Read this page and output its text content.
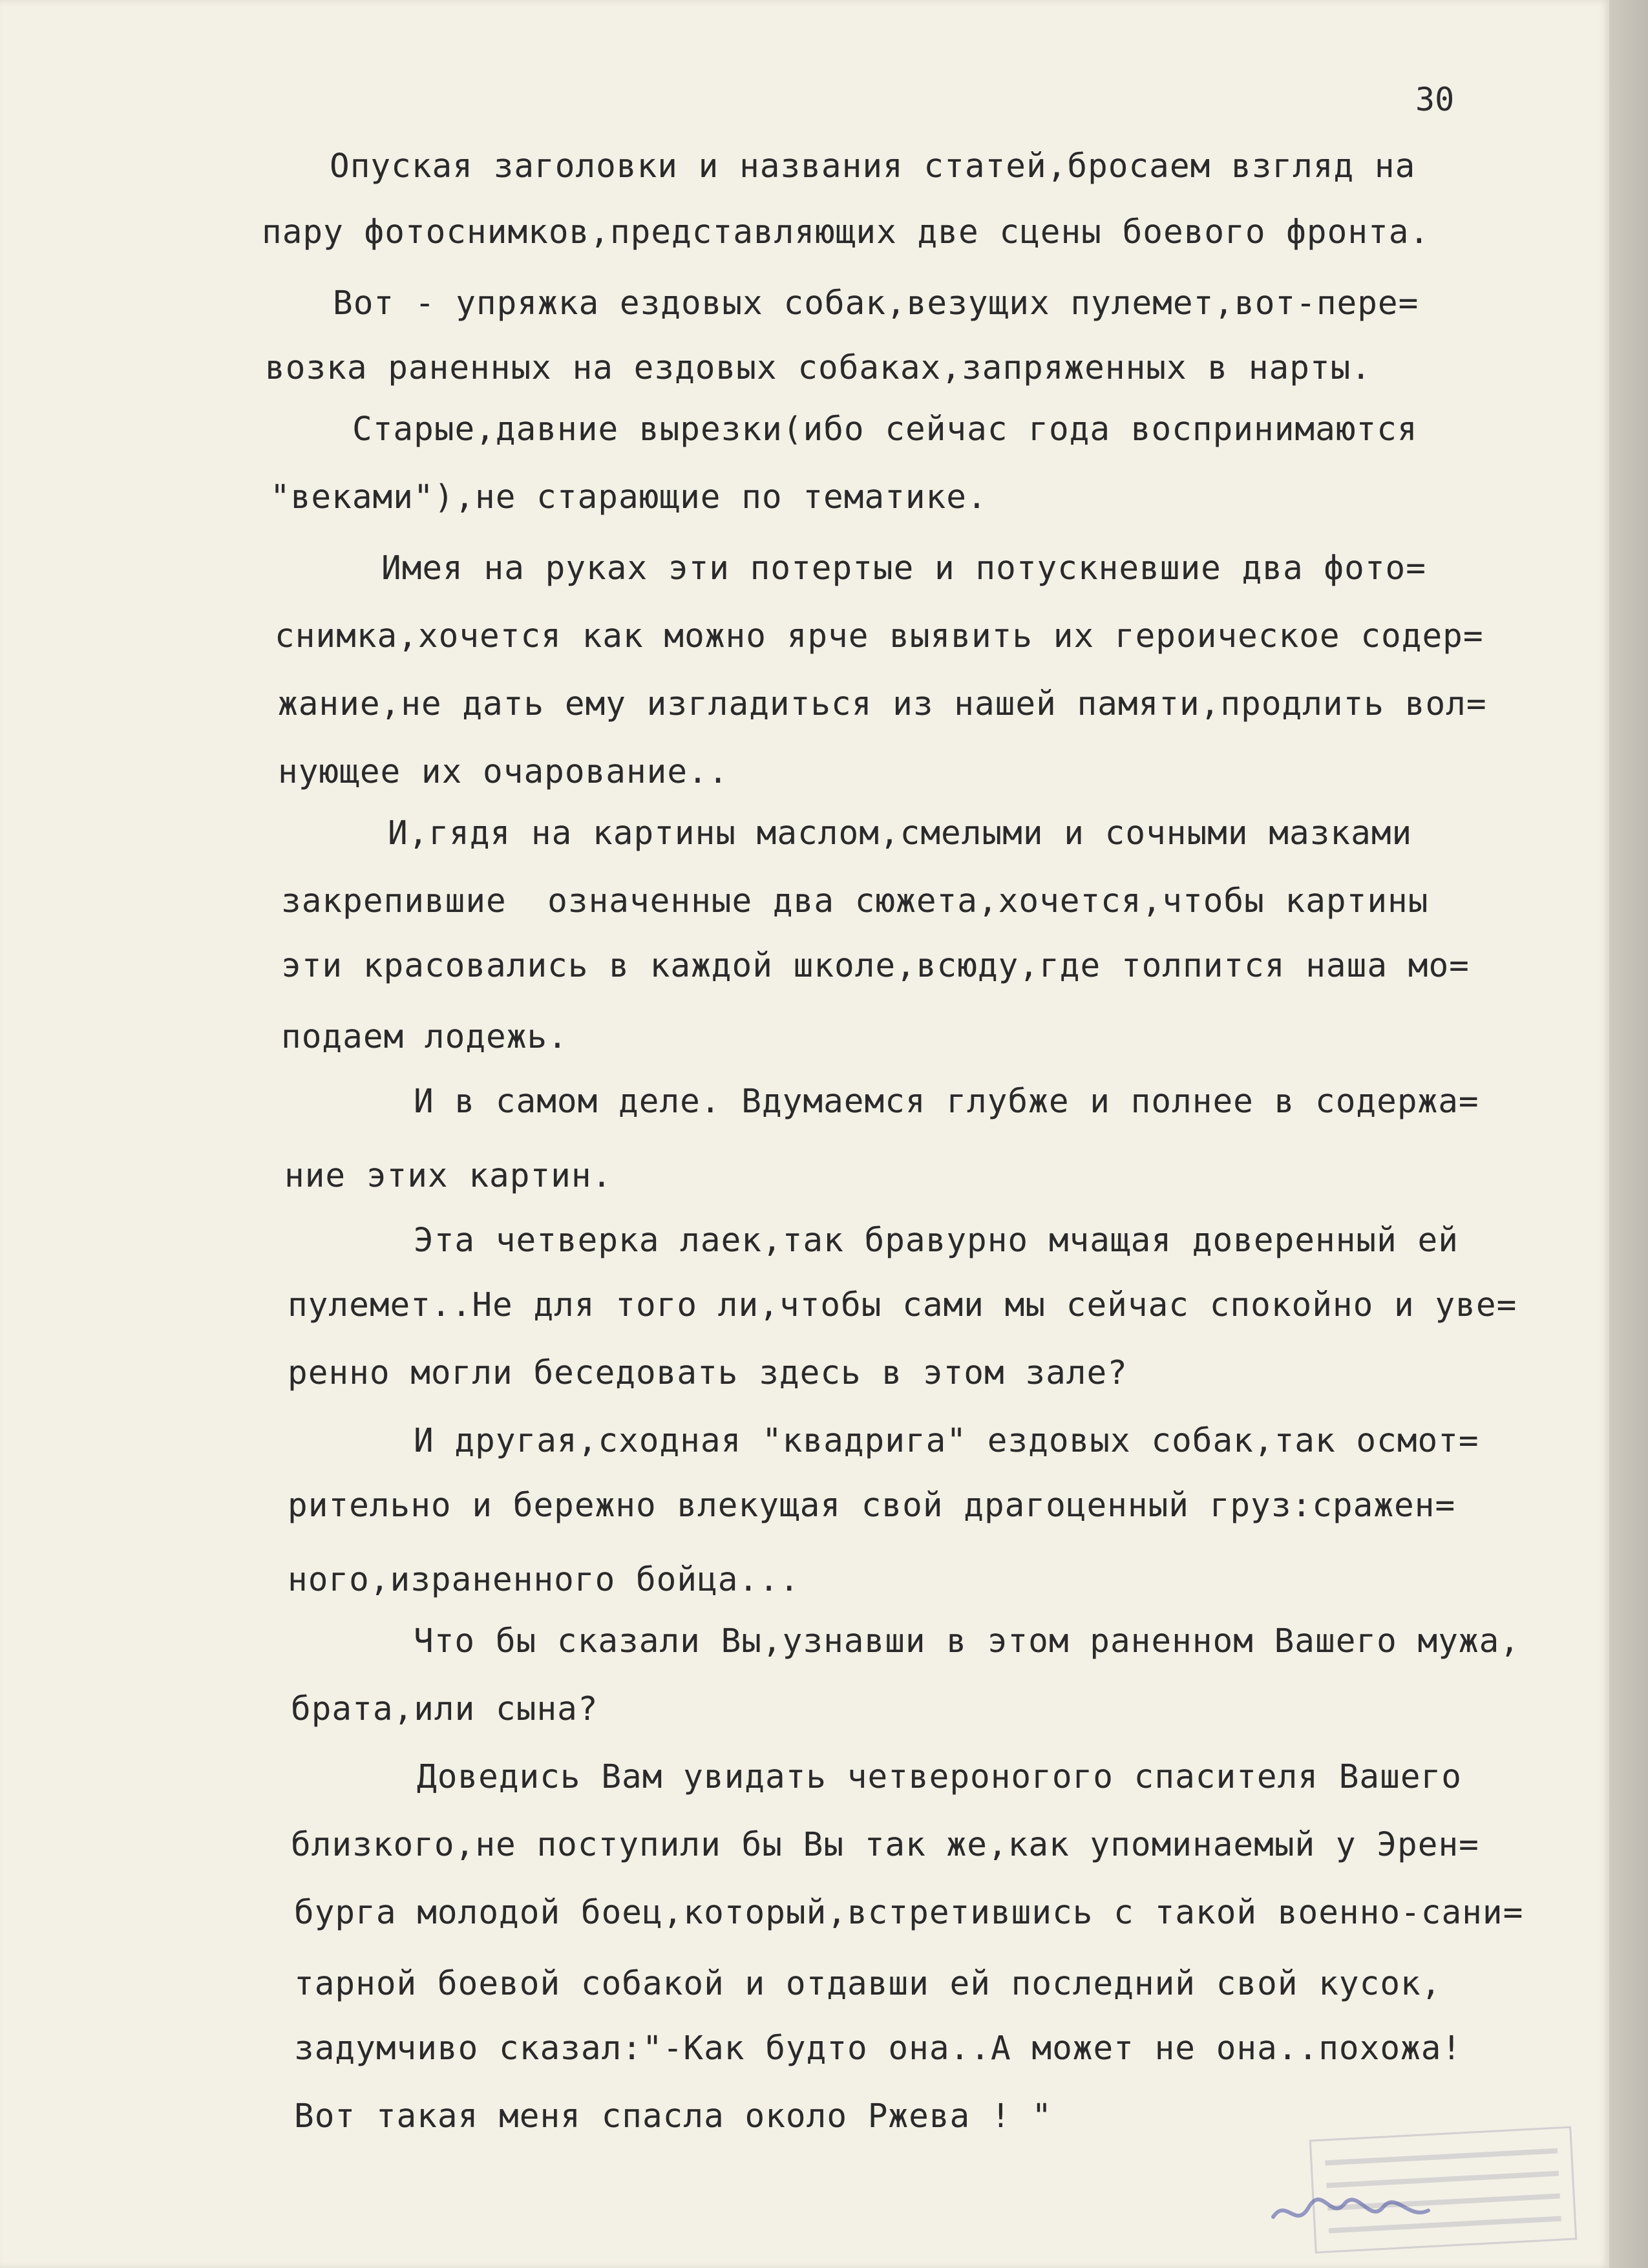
30
Опуская заголовки и названия статей,бросаем взгляд на
пару фотоснимков,представляющих две сцены боевого фронта.
Вот - упряжка ездовых собак,везущих пулемет,вот-пере=
возка раненных на ездовых собаках,запряженных в нарты.
Старые,давние вырезки(ибо сейчас года воспринимаются
"веками"),не старающие по тематике.
Имея на руках эти потертые и потускневшие два фото=
снимка,хочется как можно ярче выявить их героическое содер=
жание,не дать ему изгладиться из нашей памяти,продлить вол=
нующее их очарование..
И,гядя на картины маслом,смелыми и сочными мазками
закрепившие  означенные два сюжета,хочется,чтобы картины
эти красовались в каждой школе,всюду,где толпится наша мо=
подаем лодежь.
И в самом деле. Вдумаемся глубже и полнее в содержа=
ние этих картин.
Эта четверка лаек,так бравурно мчащая доверенный ей
пулемет..Не для того ли,чтобы сами мы сейчас спокойно и уве=
ренно могли беседовать здесь в этом зале?
И другая,сходная "квадрига" ездовых собак,так осмот=
рительно и бережно влекущая свой драгоценный груз:сражен=
ного,израненного бойца...
Что бы сказали Вы,узнавши в этом раненном Вашего мужа,
брата,или сына?
Доведись Вам увидать четвероногого спасителя Вашего
близкого,не поступили бы Вы так же,как упоминаемый у Эрен=
бурга молодой боец,который,встретившись с такой военно-сани=
тарной боевой собакой и отдавши ей последний свой кусок,
задумчиво сказал:"-Как будто она..А может не она..похожа!
Вот такая меня спасла около Ржева ! "
